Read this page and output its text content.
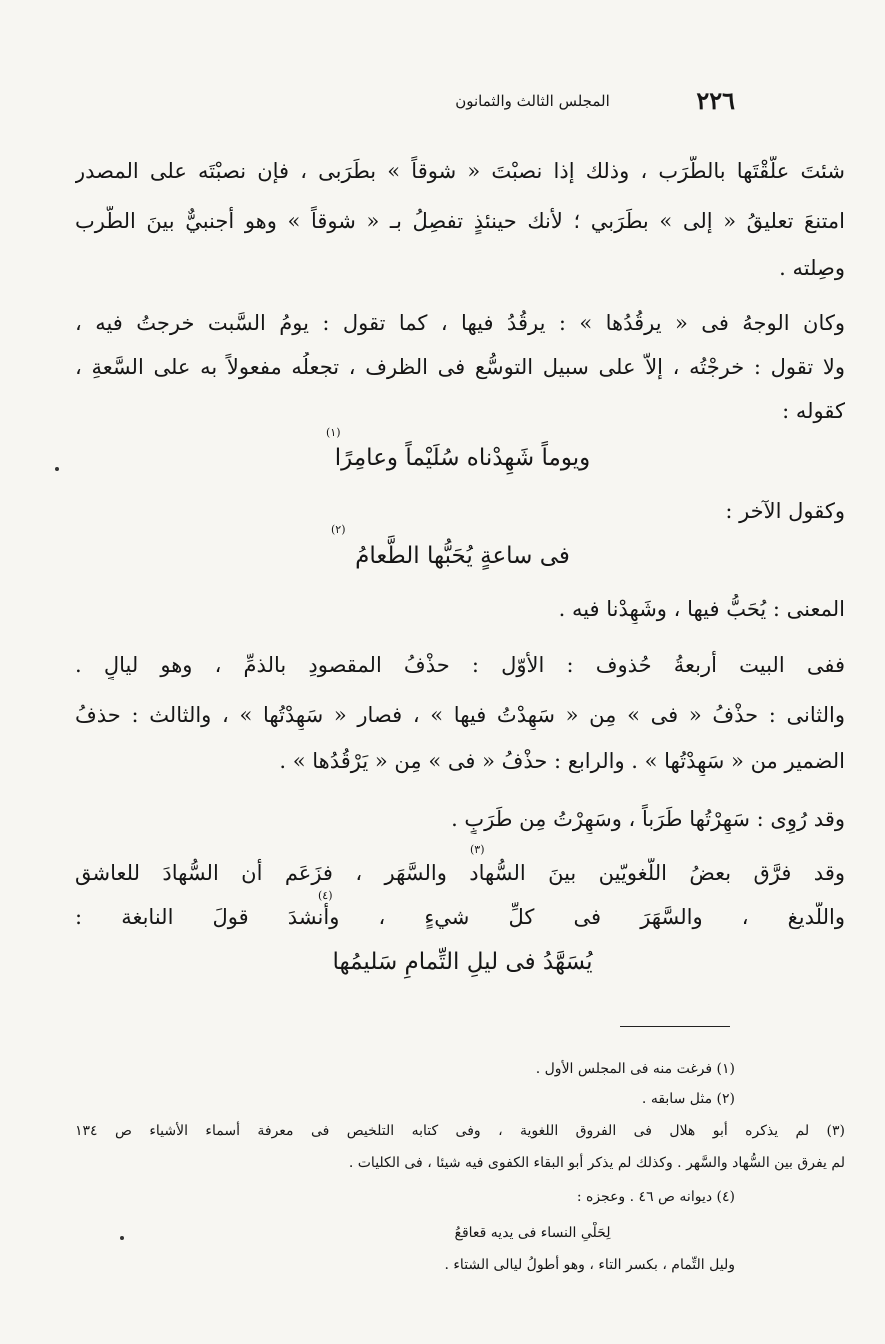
٢٢٦
المجلس الثالث والثمانون
شئتَ علّقْتَها بالطَّرَب ، وذلك إذا نصبْتَ « شوقاً » بطَرَبى ، فإن نصبْتَه على المصدر
امتنعَ تعليقُ « إلى » بطَرَبي ؛ لأنك حينئذٍ تفصِلُ بـ « شوقاً » وهو أجنبيٌّ بينَ الطَّرب
وصِلته .
وكان الوجهُ فى « يرقُدُها » : يرقُدُ فيها ، كما تقول : يومُ السَّبت خرجتُ فيه ،
ولا تقول : خرجْتُه ، إلاّ على سبيل التوسُّع فى الظرف ، تجعلُه مفعولاً به على السَّعةِ ،
كقوله :
ويوماً شَهِدْناه سُلَيْماً وعامِرًا
(١)
وكقول الآخر :
فى ساعةٍ يُحَبُّها الطَّعامُ
(٢)
المعنى : يُحَبُّ فيها ، وشَهِدْنا فيه .
ففى البيت أربعةُ حُذوف : الأوّل : حذْفُ المقصودِ بالذمِّ ، وهو ليالٍ .
والثانى : حذْفُ « فى » مِن « سَهِدْتُ فيها » ، فصار « سَهِدْتُها » ، والثالث : حذفُ
الضمير من « سَهِدْتُها » . والرابع : حذْفُ « فى » مِن « يَرْقُدُها » .
وقد رُوِى : سَهِرْتُها طَرَباً ، وسَهِرْتُ مِن طَرَبٍ .
وقد فرَّق بعضُ اللُّغويّين بينَ السُّهاد والسَّهَر ، فزَعَم أن السُّهادَ للعاشق
(٣)
واللَّديغ ، والسَّهَرَ فى كلِّ شيءٍ ، وأنشدَ قولَ النابغة :
(٤)
يُسَهَّدُ فى ليلِ التِّمامِ سَليمُها
(١) فرغت منه فى المجلس الأول .
(٢) مثل سابقه .
(٣) لم يذكره أبو هلال فى الفروق اللغوية ، وفى كتابه التلخيص فى معرفة أسماء الأشياء ص ١٣٤
لم يفرق بين السُّهاد والسَّهر . وكذلك لم يذكر أبو البقاء الكفوى فيه شيئا ، فى الكليات .
(٤) ديوانه ص ٤٦ . وعجزه :
لِحَلْىِ النساء فى يديه قعاقعُ
وليل التِّمام ، بكسر التاء ، وهو أطولُ ليالى الشتاء .
